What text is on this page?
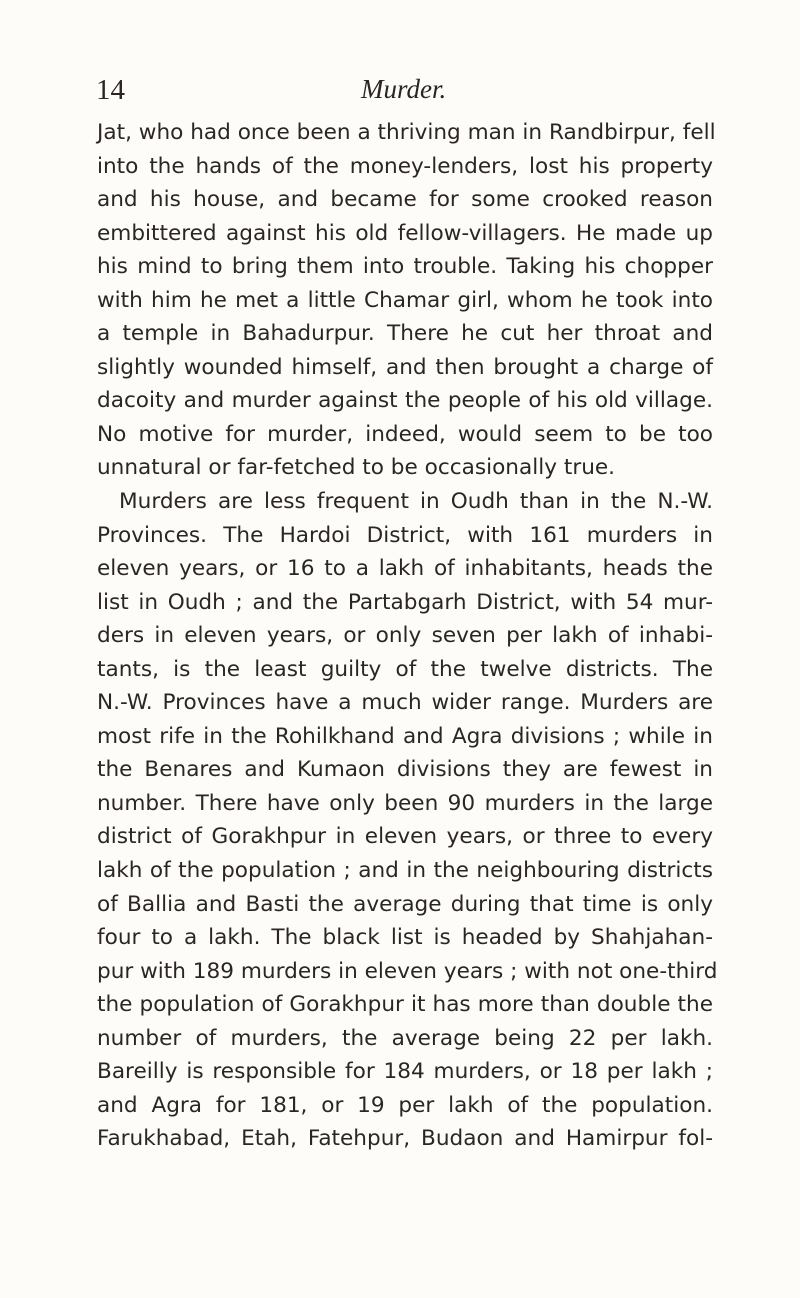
14	Murder.
Jat, who had once been a thriving man in Randbirpur, fell
into the hands of the money-lenders, lost his property
and his house, and became for some crooked reason
embittered against his old fellow-villagers. He made up
his mind to bring them into trouble. Taking his chopper
with him he met a little Chamar girl, whom he took into
a temple in Bahadurpur. There he cut her throat and
slightly wounded himself, and then brought a charge of
dacoity and murder against the people of his old village.
No motive for murder, indeed, would seem to be too
unnatural or far-fetched to be occasionally true.
Murders are less frequent in Oudh than in the N.-W.
Provinces. The Hardoi District, with 161 murders in
eleven years, or 16 to a lakh of inhabitants, heads the
list in Oudh ; and the Partabgarh District, with 54 mur-
ders in eleven years, or only seven per lakh of inhabi-
tants, is the least guilty of the twelve districts. The
N.-W. Provinces have a much wider range. Murders are
most rife in the Rohilkhand and Agra divisions ; while in
the Benares and Kumaon divisions they are fewest in
number. There have only been 90 murders in the large
district of Gorakhpur in eleven years, or three to every
lakh of the population ; and in the neighbouring districts
of Ballia and Basti the average during that time is only
four to a lakh. The black list is headed by Shahjahan-
pur with 189 murders in eleven years ; with not one-third
the population of Gorakhpur it has more than double the
number of murders, the average being 22 per lakh.
Bareilly is responsible for 184 murders, or 18 per lakh ;
and Agra for 181, or 19 per lakh of the population.
Farukhabad, Etah, Fatehpur, Budaon and Hamirpur fol-
